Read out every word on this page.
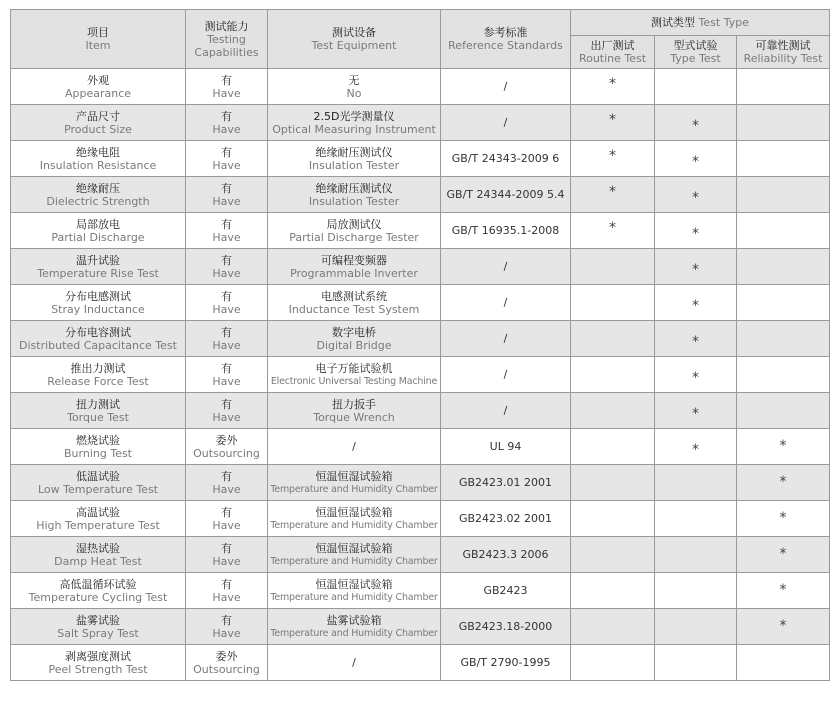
项目
Item	测试能力
Testing
Capabilities	测试设备
Test Equipment	参考标准
Reference Standards	测试类型 Test Type		

				出厂测试
Routine Test	型式试验
Type Test	可靠性测试
Reliability Test

外观
Appearance	有
Have	无
No	/	*		

产品尺寸
Product Size	有
Have	2.5D光学测量仪
Optical Measuring Instrument	/	*	*	

绝缘电阻
Insulation Resistance	有
Have	绝缘耐压测试仪
Insulation Tester	GB/T 24343-2009 6	*	*	

绝缘耐压
Dielectric Strength	有
Have	绝缘耐压测试仪
Insulation Tester	GB/T 24344-2009 5.4	*	*	

局部放电
Partial Discharge	有
Have	局放测试仪
Partial Discharge Tester	GB/T 16935.1-2008	*	*	

温升试验
Temperature Rise Test	有
Have	可编程变频器
Programmable Inverter	/		*	

分布电感测试
Stray Inductance	有
Have	电感测试系统
Inductance Test System	/		*	

分布电容测试
Distributed Capacitance Test	有
Have	数字电桥
Digital Bridge	/		*	

推出力测试
Release Force Test	有
Have	电子万能试验机
Electronic Universal Testing Machine	/		*	

扭力测试
Torque Test	有
Have	扭力扳手
Torque Wrench	/		*	

燃烧试验
Burning Test	委外
Outsourcing	/	UL 94		*	*

低温试验
Low Temperature Test	有
Have	恒温恒湿试验箱
Temperature and Humidity Chamber	GB2423.01 2001			*

高温试验
High Temperature Test	有
Have	恒温恒湿试验箱
Temperature and Humidity Chamber	GB2423.02 2001			*

湿热试验
Damp Heat Test	有
Have	恒温恒湿试验箱
Temperature and Humidity Chamber	GB2423.3 2006			*

高低温循环试验
Temperature Cycling Test	有
Have	恒温恒湿试验箱
Temperature and Humidity Chamber	GB2423			*

盐雾试验
Salt Spray Test	有
Have	盐雾试验箱
Temperature and Humidity Chamber	GB2423.18-2000			*

剥离强度测试
Peel Strength Test	委外
Outsourcing	/	GB/T 2790-1995			
